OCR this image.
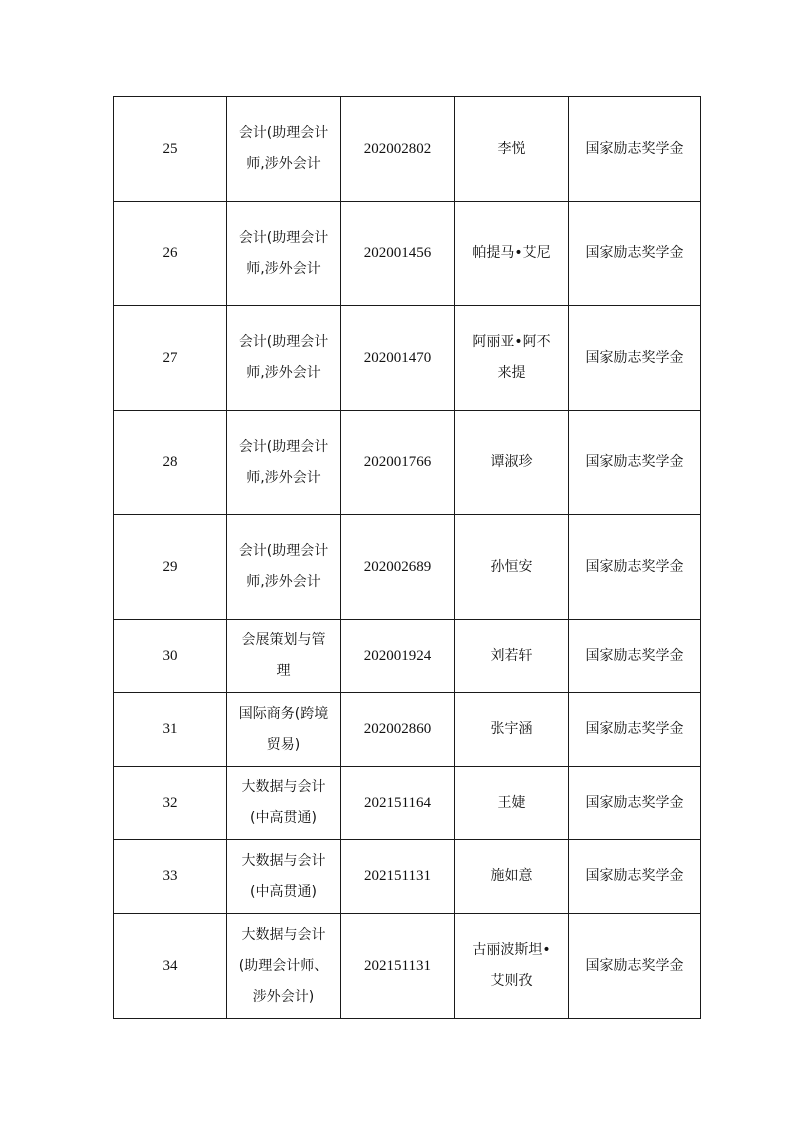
25	会计(助理会计师,涉外会计	202002802	李悦	国家励志奖学金
26	会计(助理会计师,涉外会计	202001456	帕提马•艾尼	国家励志奖学金
27	会计(助理会计师,涉外会计	202001470	阿丽亚•阿不来提	国家励志奖学金
28	会计(助理会计师,涉外会计	202001766	谭淑珍	国家励志奖学金
29	会计(助理会计师,涉外会计	202002689	孙恒安	国家励志奖学金
30	会展策划与管理	202001924	刘若轩	国家励志奖学金
31	国际商务(跨境贸易)	202002860	张宇涵	国家励志奖学金
32	大数据与会计(中高贯通)	202151164	王婕	国家励志奖学金
33	大数据与会计(中高贯通)	202151131	施如意	国家励志奖学金
34	大数据与会计(助理会计师、涉外会计)	202151131	古丽波斯坦•艾则孜	国家励志奖学金
